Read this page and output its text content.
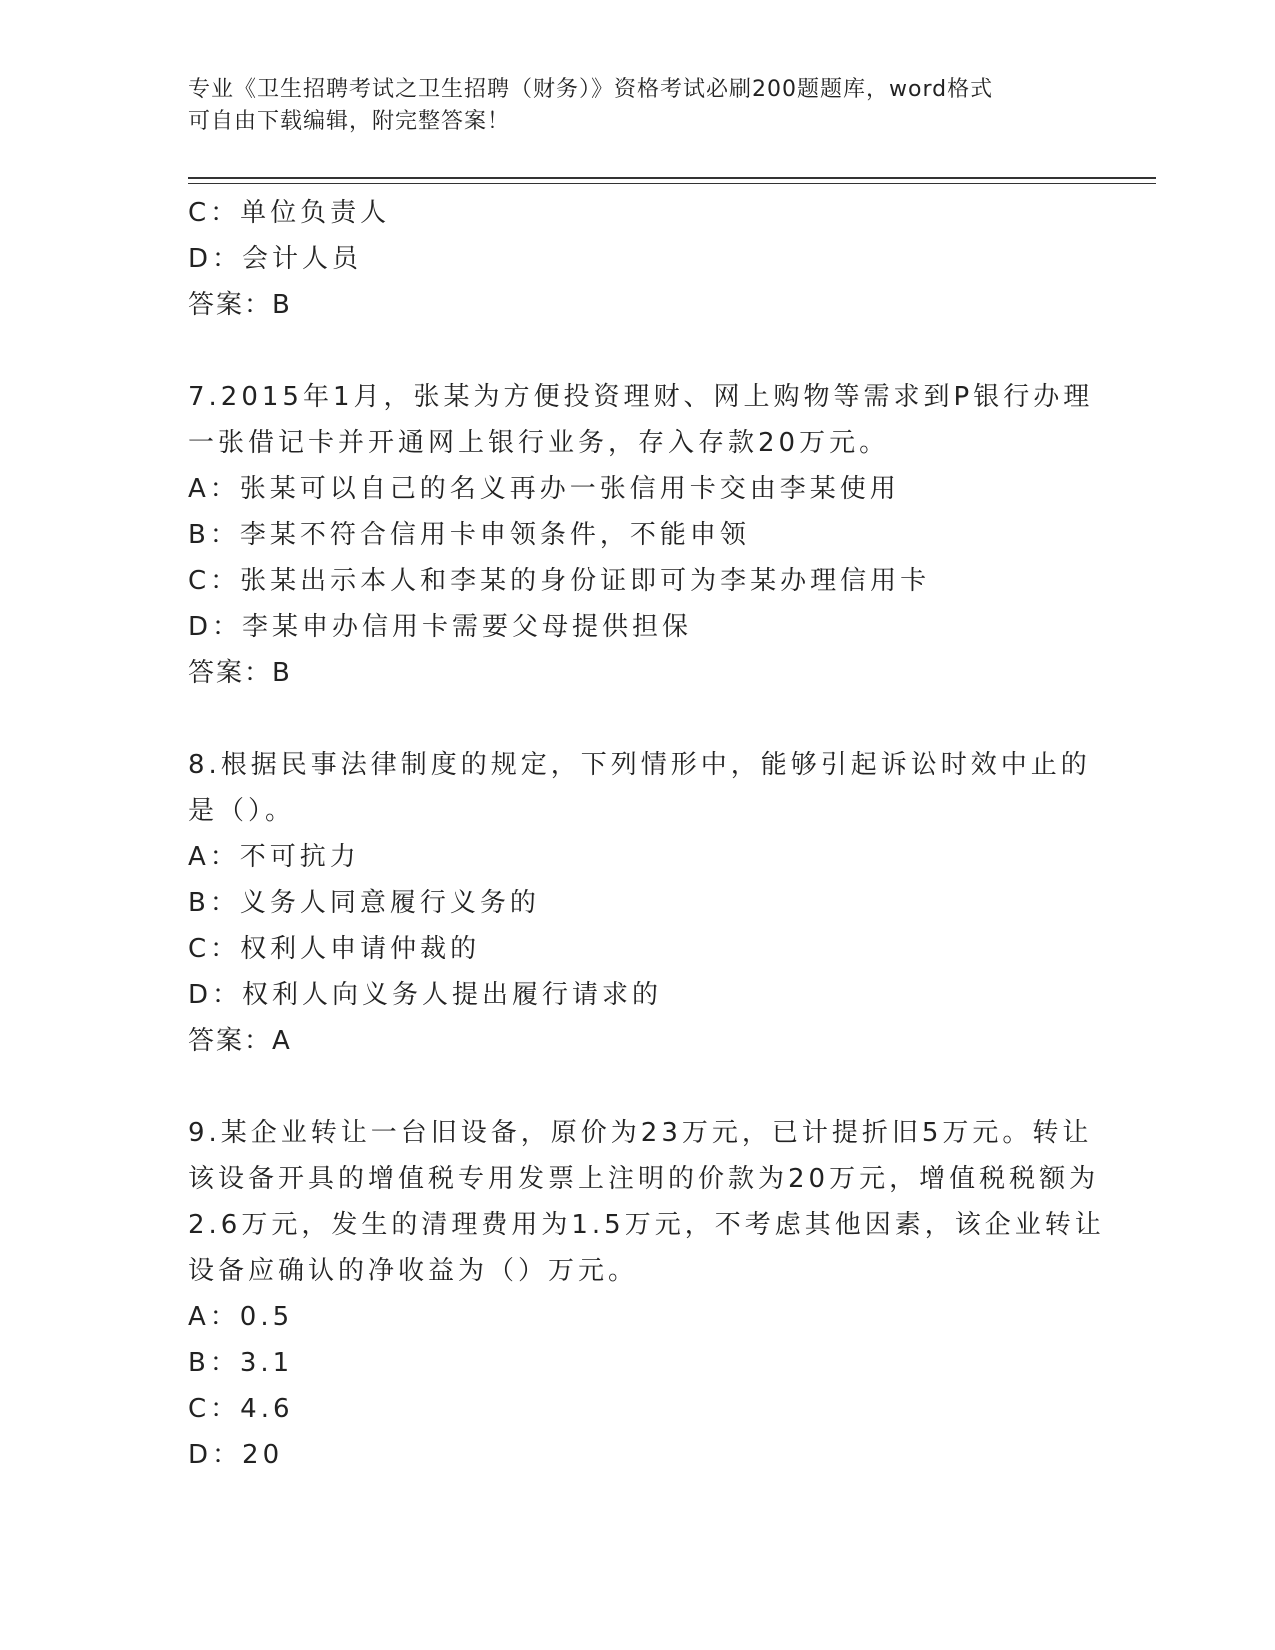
专业《卫生招聘考试之卫生招聘（财务）》资格考试必刷200题题库，word格式
可自由下载编辑，附完整答案！
C：单位负责人
D：会计人员
答案：B
7.2015年1月，张某为方便投资理财、网上购物等需求到P银行办理
一张借记卡并开通网上银行业务，存入存款20万元。
A：张某可以自己的名义再办一张信用卡交由李某使用
B：李某不符合信用卡申领条件，不能申领
C：张某出示本人和李某的身份证即可为李某办理信用卡
D：李某申办信用卡需要父母提供担保
答案：B
8.根据民事法律制度的规定，下列情形中，能够引起诉讼时效中止的
是（）。
A：不可抗力
B：义务人同意履行义务的
C：权利人申请仲裁的
D：权利人向义务人提出履行请求的
答案：A
9.某企业转让一台旧设备，原价为23万元，已计提折旧5万元。转让
该设备开具的增值税专用发票上注明的价款为20万元，增值税税额为
2.6万元，发生的清理费用为1.5万元，不考虑其他因素，该企业转让
设备应确认的净收益为（）万元。
A：0.5
B：3.1
C：4.6
D：20
